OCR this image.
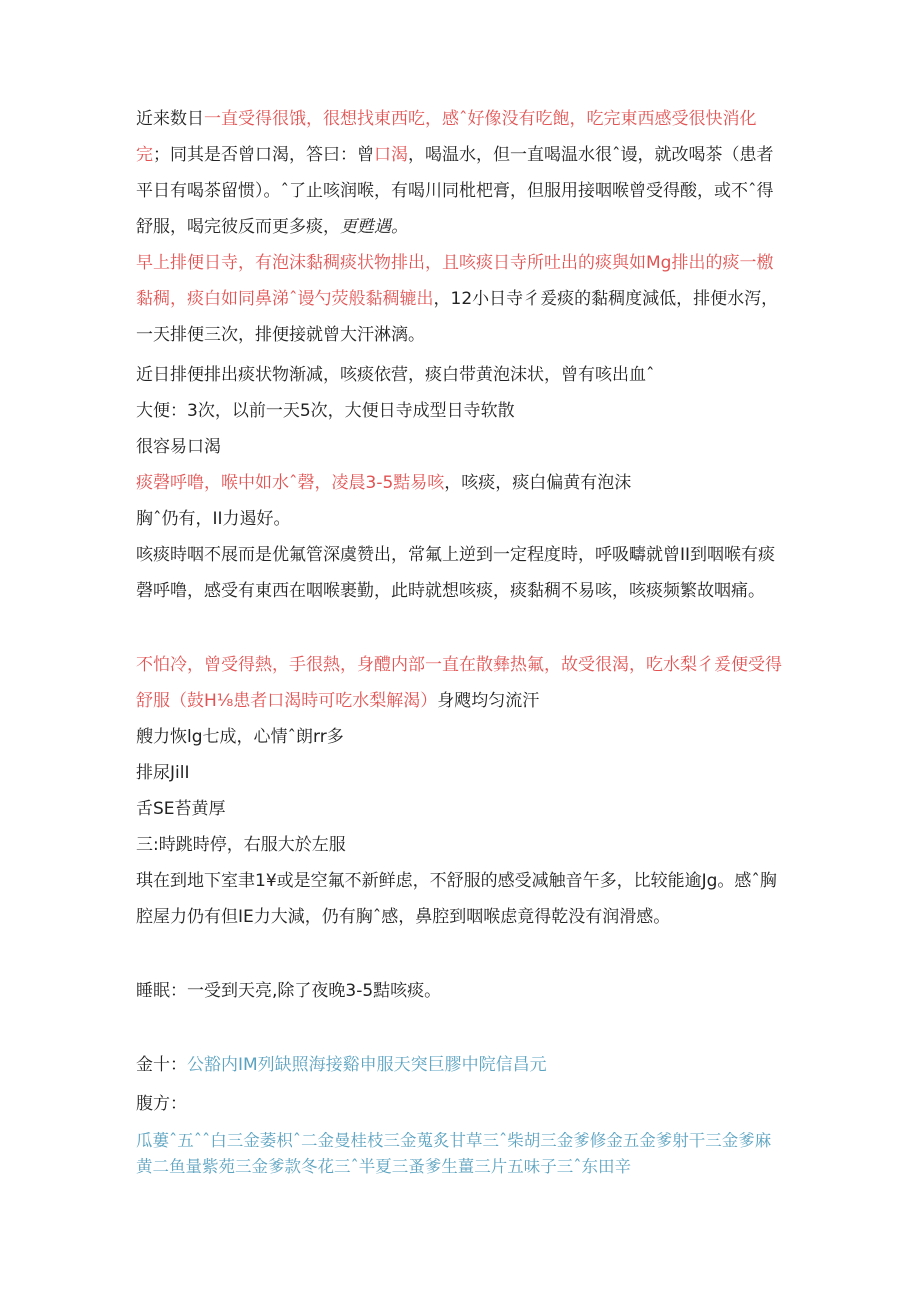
近来数日一直受得很饿，很想找東西吃，感ˆ好像没有吃飽，吃完東西感受很快消化完；同其是否曾口渴，答曰：曾口渴，喝温水，但一直喝温水很ˆ谩，就改喝茶（患者平日有喝茶留惯）。ˆ了止咳润喉，有喝川同枇杷膏，但服用接咽喉曾受得酸，或不ˆ得舒服，喝完彼反而更多痰，更甦遇。

早上排便日寺，有泡沫黏稠痰状物排出，且咳痰日寺所吐出的痰與如Mg排出的痰一檄黏稠，痰白如同鼻涕ˆ谩勺荧般黏稠辘出，12小日寺彳爰痰的黏稠度減低，排便水泻，一天排便三次，排便接就曾大汗淋漓。

近日排便排出痰状物渐减，咳痰依营，痰白带黄泡沫状，曾有咳出血ˆ

大便：3次，以前一天5次，大便日寺成型日寺软散

很容易口渴

痰磬呼噜，喉中如水ˆ磬，凌晨3-5黠易咳，咳痰，痰白偏黄有泡沫

胸ˆ仍有，II力遏好。

咳痰時咽不展而是优氟管深虞赞出，常氟上逆到一定程度時，呼吸疇就曾II到咽喉有痰磬呼噜，感受有東西在咽喉裹勤，此時就想咳痰，痰黏稠不易咳，咳痰频繁故咽痛。

不怕冷，曾受得熱，手很熱，身醴内部一直在散彝热氟，故受很渴，吃水梨彳爰便受得舒服（鼓H⅛患者口渴時可吃水梨解渴）身飕均匀流汗

艘力恢lg七成，心情ˆ朗rr多

排尿JilI

舌SE苔黄厚

三:時跳時停，右服大於左服

琪在到地下室聿1¥或是空氟不新鲜虑，不舒服的感受减触音午多，比较能逾Jg。感ˆ胸腔屋力仍有但IE力大減，仍有胸ˆ感，鼻腔到咽喉虑竟得乾没有润滑感。

睡眠：一受到天亮,除了夜晚3-5黠咳痰。

金十：公豁内IM列缺照海接谿申服天突巨膠中院信昌元

腹方：

瓜蔞ˆ五ˆˆ白三金萎枳ˆ二金曼桂枝三金蒐炙甘草三ˆ柴胡三金爹修金五金爹射干三金爹麻黄二鱼量紫苑三金爹款冬花三ˆ半夏三蚤爹生薑三片五味子三ˆ东田辛
